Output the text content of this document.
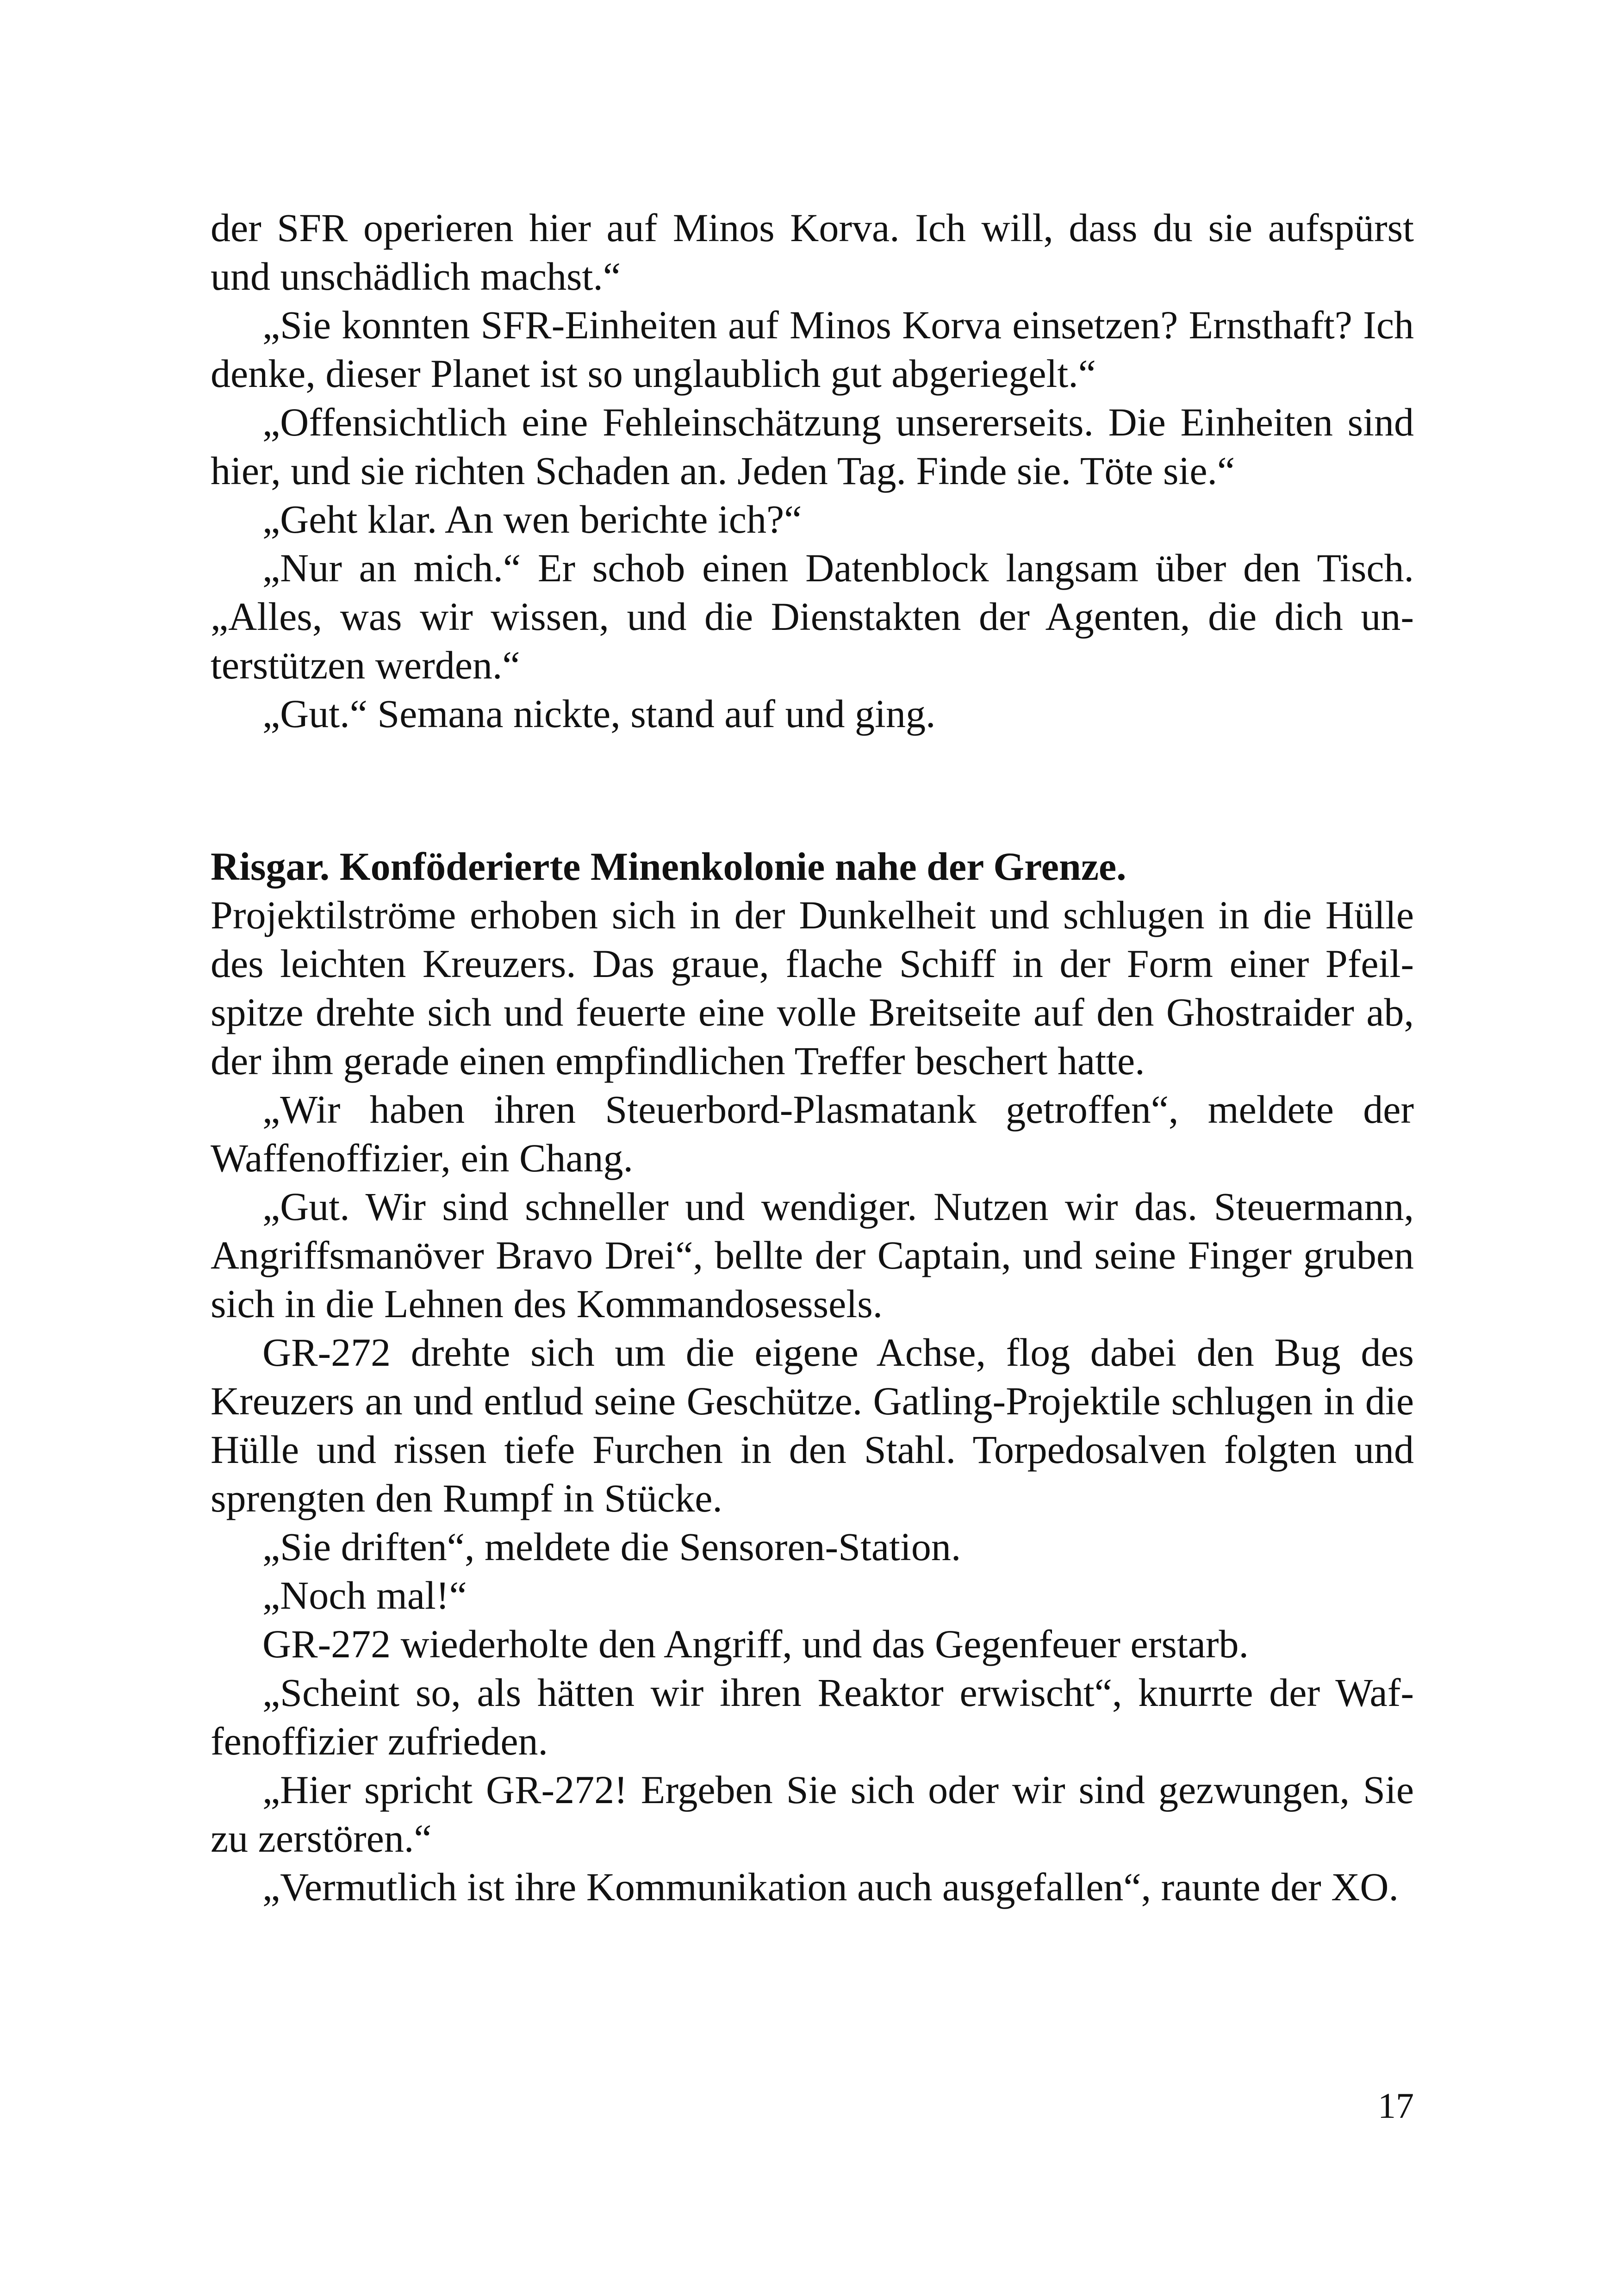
der SFR operieren hier auf Minos Korva. Ich will, dass du sie aufspürst und unschädlich machst.“

„Sie konnten SFR-Einheiten auf Minos Korva einsetzen? Ernsthaft? Ich denke, dieser Planet ist so unglaublich gut abgeriegelt.“

„Offensichtlich eine Fehleinschätzung unsererseits. Die Einheiten sind hier, und sie richten Schaden an. Jeden Tag. Finde sie. Töte sie.“

„Geht klar. An wen berichte ich?“

„Nur an mich.“ Er schob einen Datenblock langsam über den Tisch. „Alles, was wir wissen, und die Dienstakten der Agenten, die dich unterstützen werden.“

„Gut.“ Semana nickte, stand auf und ging.

Risgar. Konföderierte Minenkolonie nahe der Grenze.

Projektilströme erhoben sich in der Dunkelheit und schlugen in die Hülle des leichten Kreuzers. Das graue, flache Schiff in der Form einer Pfeilspitze drehte sich und feuerte eine volle Breitseite auf den Ghostraider ab, der ihm gerade einen empfindlichen Treffer beschert hatte.

„Wir haben ihren Steuerbord-Plasmatank getroffen“, meldete der Waffenoffizier, ein Chang.

„Gut. Wir sind schneller und wendiger. Nutzen wir das. Steuermann, Angriffsmanöver Bravo Drei“, bellte der Captain, und seine Finger gruben sich in die Lehnen des Kommandosessels.

GR-272 drehte sich um die eigene Achse, flog dabei den Bug des Kreuzers an und entlud seine Geschütze. Gatling-Projektile schlugen in die Hülle und rissen tiefe Furchen in den Stahl. Torpedosalven folgten und sprengten den Rumpf in Stücke.

„Sie driften“, meldete die Sensoren-Station.

„Noch mal!“

GR-272 wiederholte den Angriff, und das Gegenfeuer erstarb.

„Scheint so, als hätten wir ihren Reaktor erwischt“, knurrte der Waffenoffizier zufrieden.

„Hier spricht GR-272! Ergeben Sie sich oder wir sind gezwungen, Sie zu zerstören.“

„Vermutlich ist ihre Kommunikation auch ausgefallen“, raunte der XO.

17
